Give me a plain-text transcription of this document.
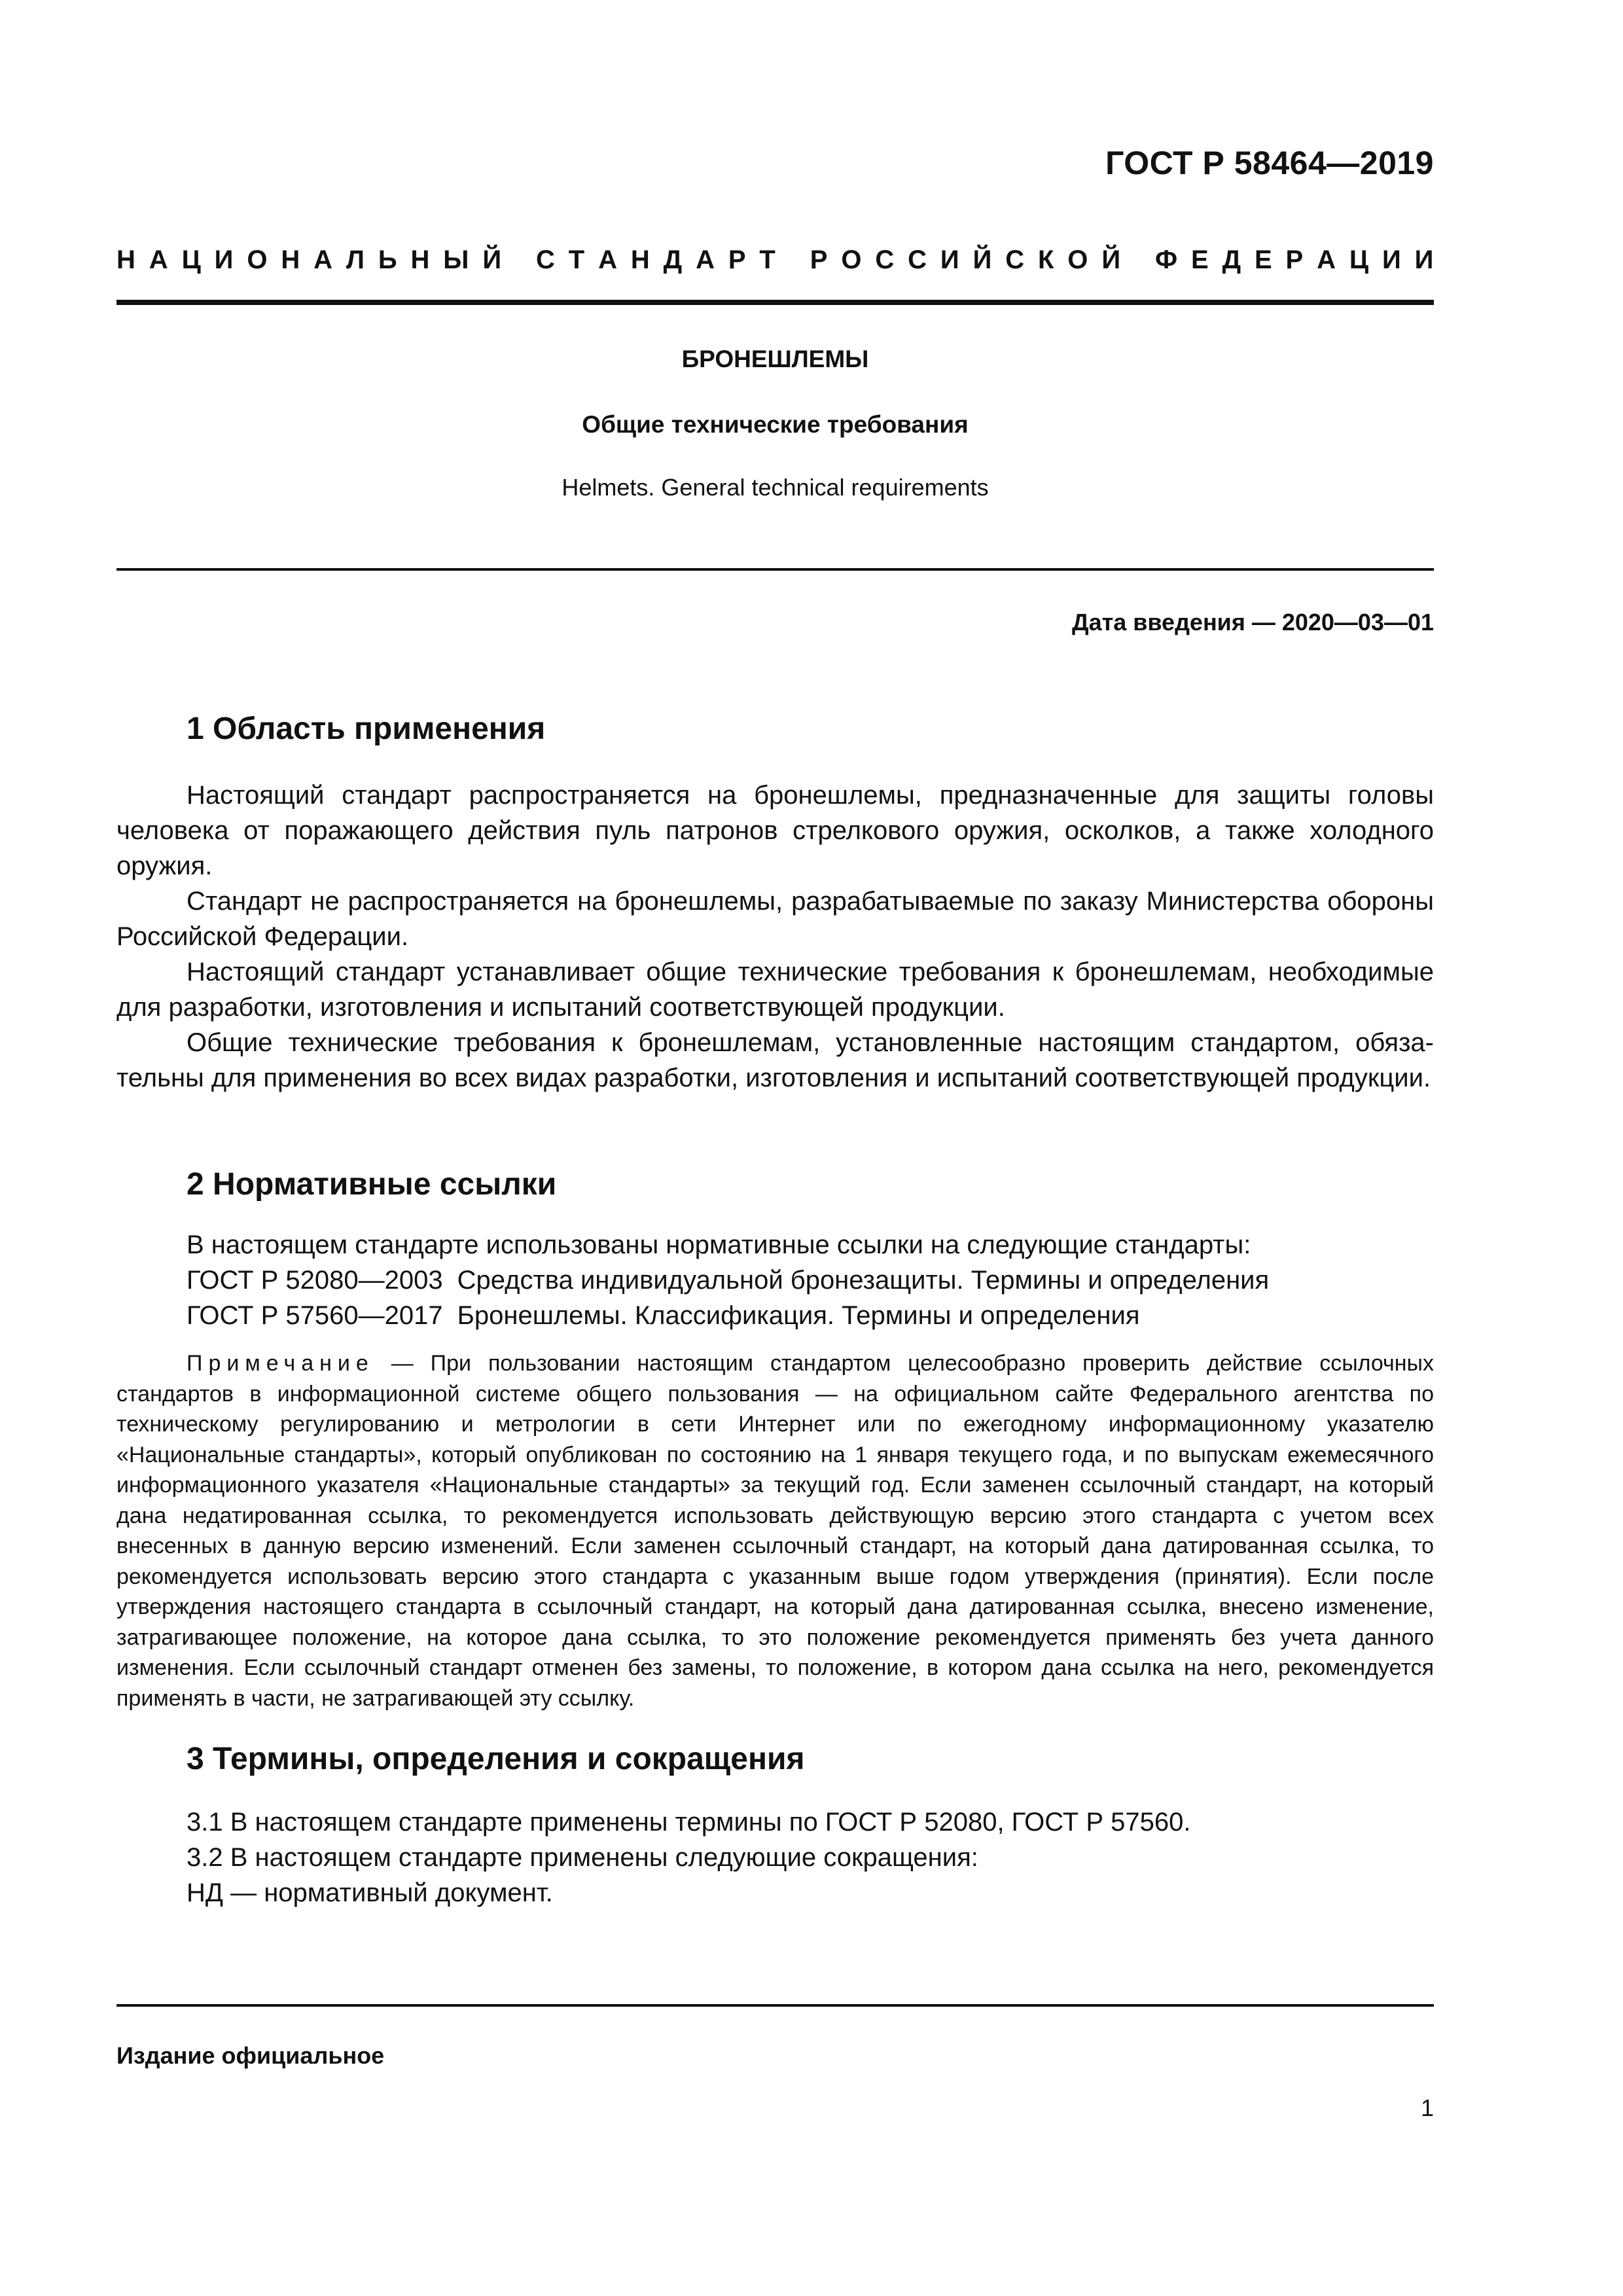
ГОСТ Р 58464—2019
Н А Ц И О Н А Л Ь Н Ы Й
С Т А Н Д А Р Т
Р О С С И Й С К О Й
Ф Е Д Е Р А Ц И И
БРОНЕШЛЕМЫ
Общие технические требования
Helmets. General technical requirements
Дата введения — 2020—03—01
1 Область применения

Настоящий стандарт распространяется на бронешлемы, предназначенные для защиты головы человека от поражающего действия пуль патронов стрелкового оружия, осколков, а также холодного оружия.

Стандарт не распространяется на бронешлемы, разрабатываемые по заказу Министерства обороны Российской Федерации.

Настоящий стандарт устанавливает общие технические требования к бронешлемам, необходимые для разработки, изготовления и испытаний соответствующей продукции.

Общие технические требования к бронешлемам, установленные настоящим стандартом, обязательны для применения во всех видах разработки, изготовления и испытаний соответствующей продукции.

2 Нормативные ссылки
В настоящем стандарте использованы нормативные ссылки на следующие стандарты:
ГОСТ Р 52080—2003 Средства индивидуальной бронезащиты. Термины и определения
ГОСТ Р 57560—2017 Бронешлемы. Классификация. Термины и определения

Примечание — При пользовании настоящим стандартом целесообразно проверить действие ссылочных стандартов в информационной системе общего пользования — на официальном сайте Федерального агентства по техническому регулированию и метрологии в сети Интернет или по ежегодному информационному указателю «Национальные стандарты», который опубликован по состоянию на 1 января текущего года, и по выпускам ежемесячного информационного указателя «Национальные стандарты» за текущий год. Если заменен ссылочный стандарт, на который дана недатированная ссылка, то рекомендуется использовать действующую версию этого стандарта с учетом всех внесенных в данную версию изменений. Если заменен ссылочный стандарт, на который дана датированная ссылка, то рекомендуется использовать версию этого стандарта с указанным выше годом утверждения (принятия). Если после утверждения настоящего стандарта в ссылочный стандарт, на который дана датированная ссылка, внесено изменение, затрагивающее положение, на которое дана ссылка, то это положение рекомендуется применять без учета данного изменения. Если ссылочный стандарт отменен без замены, то положение, в котором дана ссылка на него, рекомендуется применять в части, не затрагивающей эту ссылку.

3 Термины, определения и сокращения
3.1 В настоящем стандарте применены термины по ГОСТ Р 52080, ГОСТ Р 57560.
3.2 В настоящем стандарте применены следующие сокращения:
НД — нормативный документ.
Издание официальное
1
